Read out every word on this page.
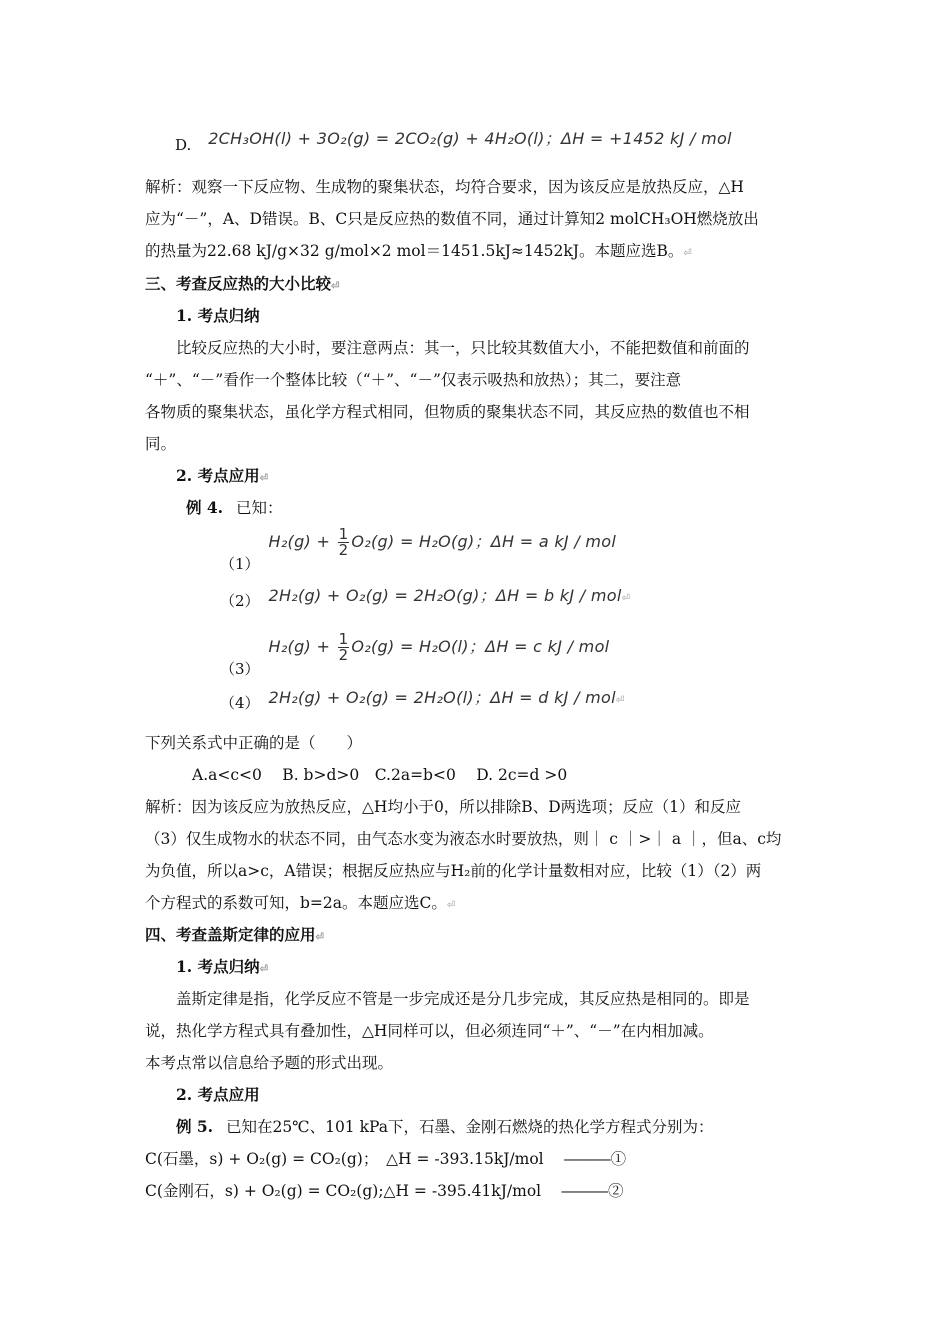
D. 2CH₃OH(l) + 3O₂(g) = 2CO₂(g) + 4H₂O(l)；ΔH = +1452 kJ / mol
解析：观察一下反应物、生成物的聚集状态，均符合要求，因为该反应是放热反应，△H
应为“－”，A、D错误。B、C只是反应热的数值不同，通过计算知2 molCH₃OH燃烧放出
的热量为22.68 kJ/g×32 g/mol×2 mol＝1451.5kJ≈1452kJ。本题应选B。⏎
三、考查反应热的大小比较⏎
1. 考点归纳
比较反应热的大小时，要注意两点：其一，只比较其数值大小，不能把数值和前面的
“＋”、“－”看作一个整体比较（“＋”、“－”仅表示吸热和放热）；其二，要注意
各物质的聚集状态，虽化学方程式相同，但物质的聚集状态不同，其反应热的数值也不相
同。
2. 考点应用⏎
例 4. 已知：
（1） $H_2(g) + \frac{1}{2} O_2(g) = H_2O(g)$；ΔH = a kJ / mol
（2） 2H₂(g) + O₂(g) = 2H₂O(g)；ΔH = b kJ / mol⏎
（3） $H_2(g) + \frac{1}{2} O_2(g) = H_2O(l)$；ΔH = c kJ / mol
（4） 2H₂(g) + O₂(g) = 2H₂O(l)；ΔH = d kJ / mol⏎
下列关系式中正确的是（　　）
A.a<c<0　 B. b>d>0　C.2a=b<0　 D. 2c=d >0
解析：因为该反应为放热反应，△H均小于0，所以排除B、D两选项；反应（1）和反应
（3）仅生成物水的状态不同，由气态水变为液态水时要放热，则｜ c ｜>｜ a ｜，但a、c均
为负值，所以a>c，A错误；根据反应热应与H₂前的化学计量数相对应，比较（1）（2）两
个方程式的系数可知，b=2a。本题应选C。⏎
四、考查盖斯定律的应用⏎
1. 考点归纳⏎
盖斯定律是指，化学反应不管是一步完成还是分几步完成，其反应热是相同的。即是
说，热化学方程式具有叠加性，△H同样可以，但必须连同“＋”、“－”在内相加减。
本考点常以信息给予题的形式出现。
2. 考点应用
例 5. 已知在25℃、101 kPa下，石墨、金刚石燃烧的热化学方程式分别为：
C(石墨，s) + O₂(g) = CO₂(g)；　△H = -393.15kJ/mol　 ―――①
C(金刚石，s) + O₂(g) = CO₂(g);△H = -395.41kJ/mol　 ―――②
